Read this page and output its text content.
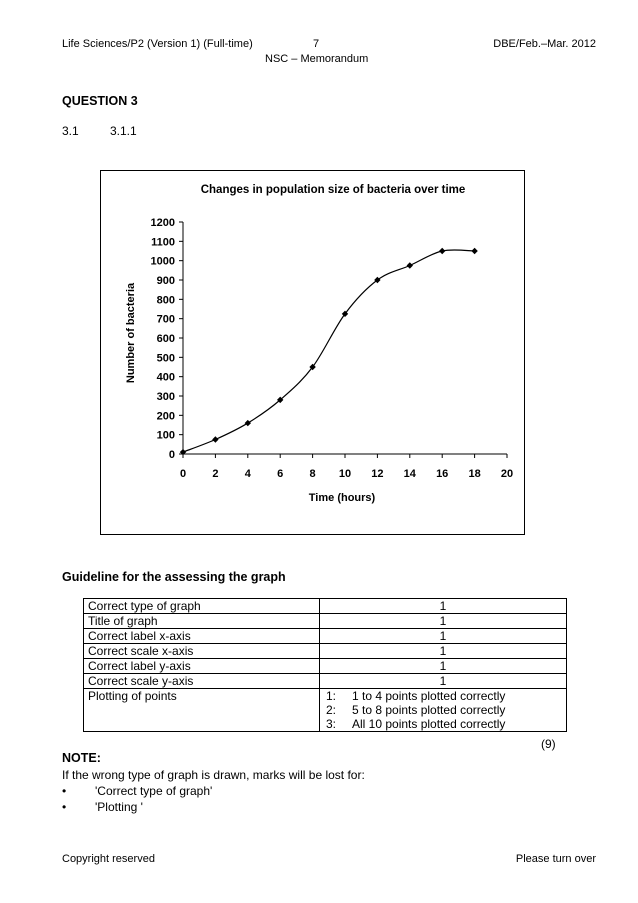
Life Sciences/P2 (Version 1) (Full-time)	7	DBE/Feb.–Mar. 2012
NSC – Memorandum
QUESTION 3
3.1	3.1.1
Changes in population size of bacteria over time
Number of bacteria
Time (hours)
0
100
200
300
400
500
600
700
800
900
1000
1100
1200
0 2 4 6 8 10 12 14 16 18 20
Guideline for the assessing the graph
Correct type of graph	1
Title of graph	1
Correct label x-axis	1
Correct scale x-axis	1
Correct label y-axis	1
Correct scale y-axis	1
Plotting of points	1: 1 to 4 points plotted correctly
2: 5 to 8 points plotted correctly
3: All 10 points plotted correctly
(9)
NOTE:
If the wrong type of graph is drawn, marks will be lost for:
• 'Correct type of graph'
• 'Plotting '
Copyright reserved	Please turn over
